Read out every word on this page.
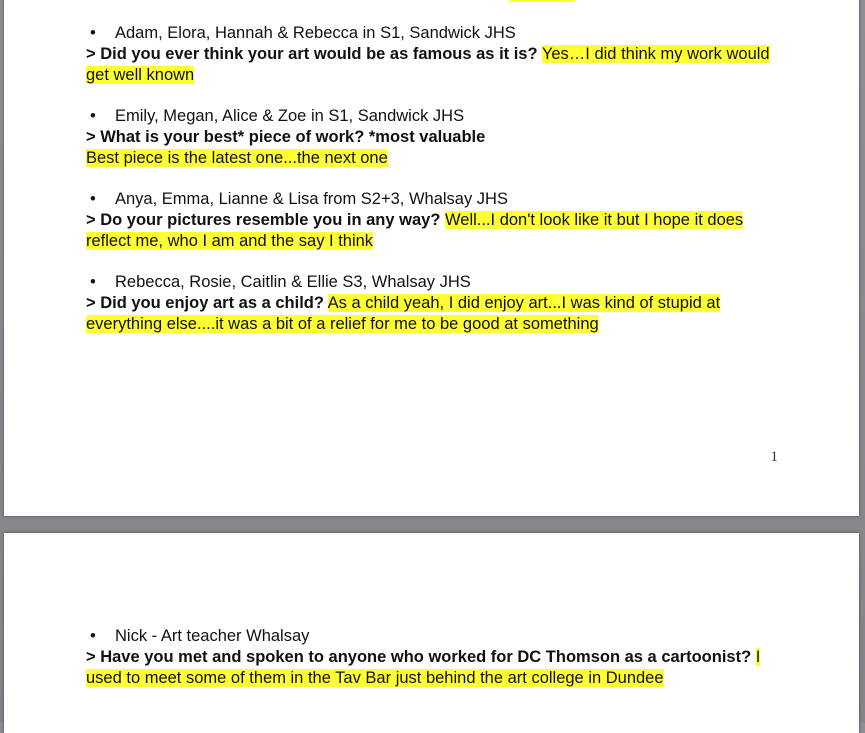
• Adam, Elora, Hannah & Rebecca in S1, Sandwick JHS
> Did you ever think your art would be as famous as it is? Yes…I did think my work would get well known
• Emily, Megan, Alice & Zoe in S1, Sandwick JHS
> What is your best* piece of work? *most valuable
Best piece is the latest one...the next one
• Anya, Emma, Lianne & Lisa from S2+3, Whalsay JHS
> Do your pictures resemble you in any way? Well...I don't look like it but I hope it does reflect me, who I am and the say I think
• Rebecca, Rosie, Caitlin & Ellie S3, Whalsay JHS
> Did you enjoy art as a child? As a child yeah, I did enjoy art...I was kind of stupid at everything else....it was a bit of a relief for me to be good at something
1
• Nick - Art teacher Whalsay
> Have you met and spoken to anyone who worked for DC Thomson as a cartoonist? I used to meet some of them in the Tav Bar just behind the art college in Dundee
